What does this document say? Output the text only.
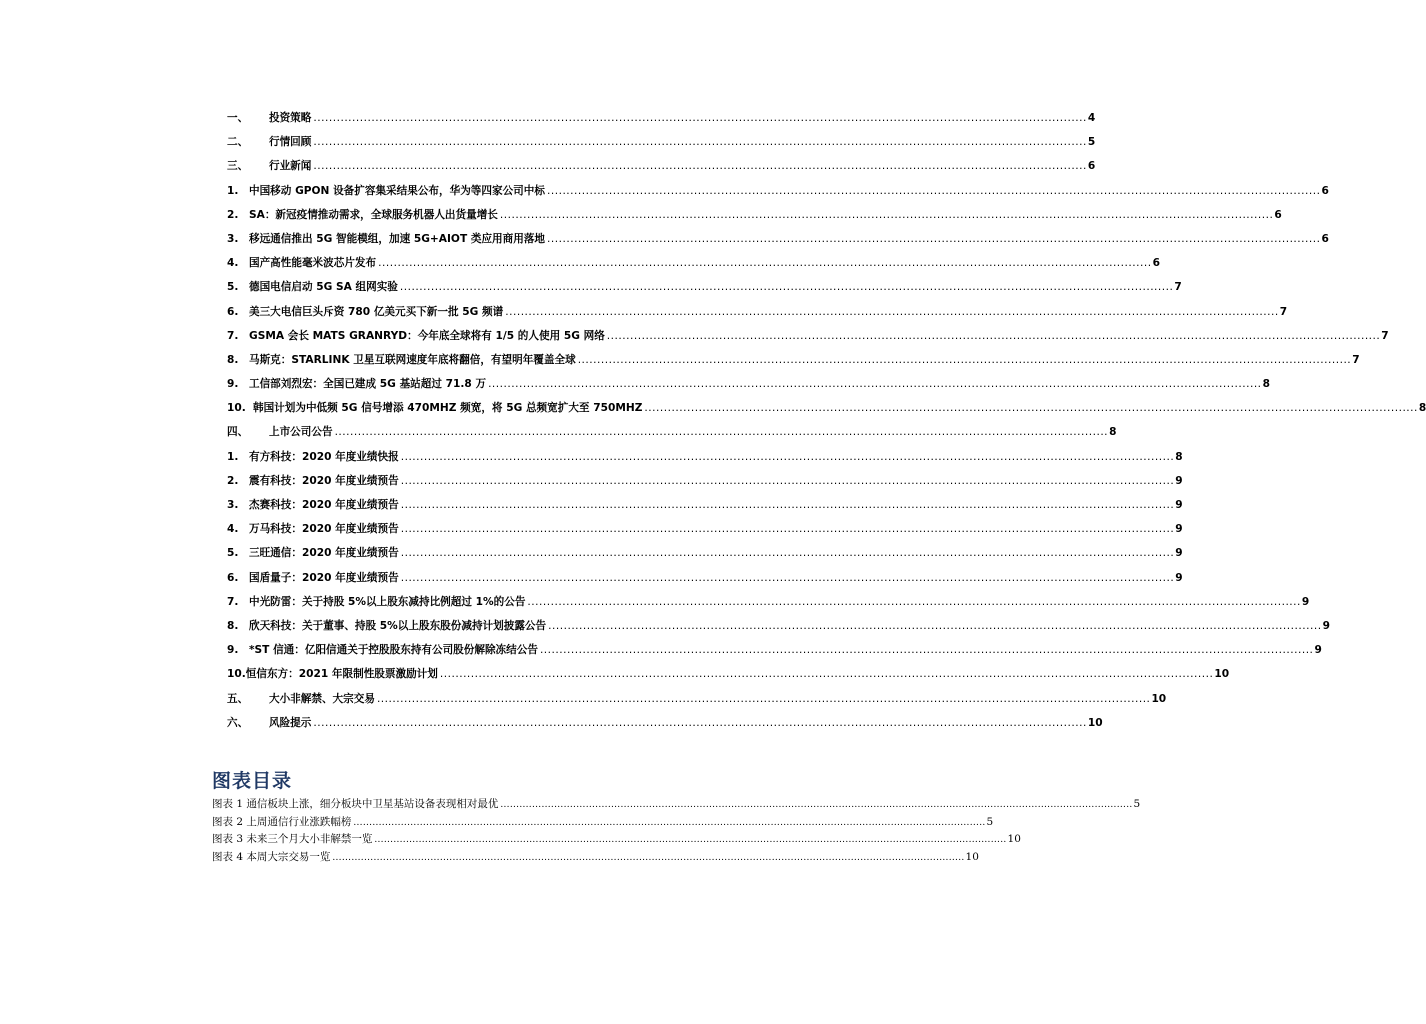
一、	投资策略 .....	4
二、	行情回顾 .....	5
三、	行业新闻 .....	6
1. 中国移动 GPON 设备扩容集采结果公布，华为等四家公司中标 .....	6
2. SA：新冠疫情推动需求，全球服务机器人出货量增长 .....	6
3. 移远通信推出 5G 智能模组，加速 5G+AIOT 类应用商用落地 .....	6
4. 国产高性能毫米波芯片发布 .....	6
5. 德国电信启动 5G SA 组网实验 .....	7
6. 美三大电信巨头斥资 780 亿美元买下新一批 5G 频谱 .....	7
7. GSMA 会长 MATS GRANRYD：今年底全球将有 1/5 的人使用 5G 网络 .....	7
8. 马斯克：STARLINK 卫星互联网速度年底将翻倍，有望明年覆盖全球 .....	7
9. 工信部刘烈宏：全国已建成 5G 基站超过 71.8 万 .....	8
10. 韩国计划为中低频 5G 信号增添 470MHZ 频宽，将 5G 总频宽扩大至 750MHZ .....	8
四、	上市公司公告 .....	8
1. 有方科技：2020 年度业绩快报 .....	8
2. 震有科技：2020 年度业绩预告 .....	9
3. 杰赛科技：2020 年度业绩预告 .....	9
4. 万马科技：2020 年度业绩预告 .....	9
5. 三旺通信：2020 年度业绩预告 .....	9
6. 国盾量子：2020 年度业绩预告 .....	9
7. 中光防雷：关于持股 5%以上股东减持比例超过 1%的公告 .....	9
8. 欣天科技：关于董事、持股 5%以上股东股份减持计划披露公告 .....	9
9. *ST 信通：亿阳信通关于控股股东持有公司股份解除冻结公告 .....	9
10. 恒信东方：2021 年限制性股票激励计划 .....	10
五、	大小非解禁、大宗交易 .....	10
六、	风险提示 .....	10
图表目录
图表 1 通信板块上涨，细分板块中卫星基站设备表现相对最优 .....	5
图表 2 上周通信行业涨跌幅榜 .....	5
图表 3 未来三个月大小非解禁一览 .....	10
图表 4 本周大宗交易一览 .....	10
